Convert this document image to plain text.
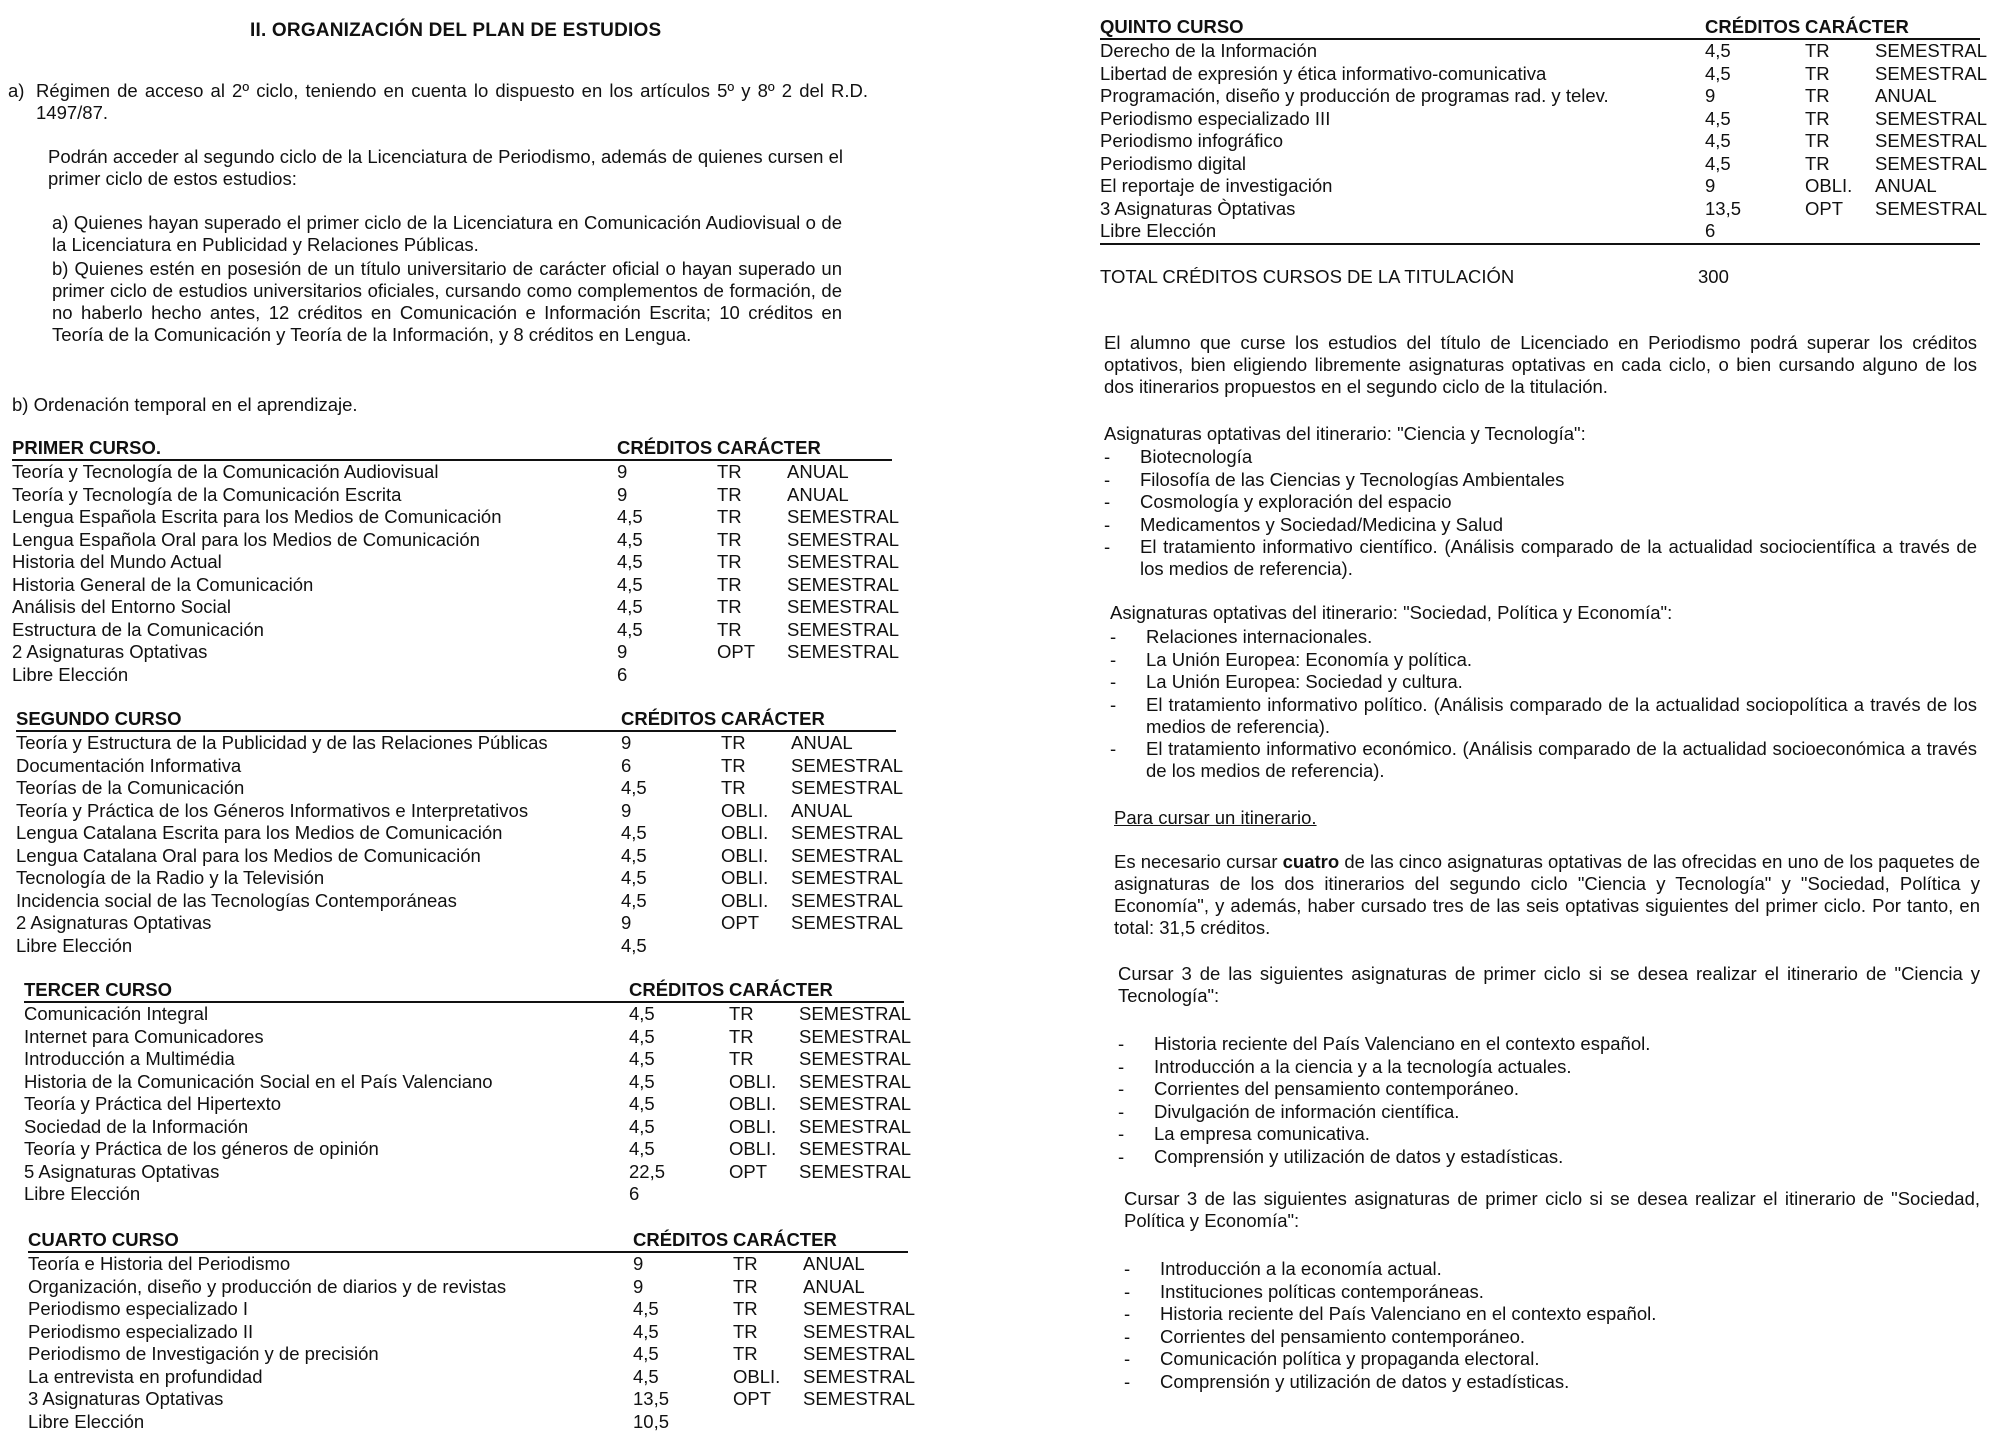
II. ORGANIZACIÓN DEL PLAN DE ESTUDIOS
a) Régimen de acceso al 2º ciclo, teniendo en cuenta lo dispuesto en los artículos 5º y 8º 2 del R.D. 1497/87.

Podrán acceder al segundo ciclo de la Licenciatura de Periodismo, además de quienes cursen el primer ciclo de estos estudios:

a) Quienes hayan superado el primer ciclo de la Licenciatura en Comunicación Audiovisual o de la Licenciatura en Publicidad y Relaciones Públicas.

b) Quienes estén en posesión de un título universitario de carácter oficial o hayan superado un primer ciclo de estudios universitarios oficiales, cursando como complementos de formación, de no haberlo hecho antes, 12 créditos en Comunicación e Información Escrita; 10 créditos en Teoría de la Comunicación y Teoría de la Información, y 8 créditos en Lengua.

b) Ordenación temporal en el aprendizaje.
PRIMER CURSO.	CRÉDITOS CARÁCTER
Teoría y Tecnología de la Comunicación Audiovisual	9	TR ANUAL
Teoría y Tecnología de la Comunicación Escrita	9	TR ANUAL
Lengua Española Escrita para los Medios de Comunicación	4,5	TR SEMESTRAL
Lengua Española Oral para los Medios de Comunicación	4,5	TR SEMESTRAL
Historia del Mundo Actual	4,5	TR SEMESTRAL
Historia General de la Comunicación	4,5	TR SEMESTRAL
Análisis del Entorno Social	4,5	TR SEMESTRAL
Estructura de la Comunicación	4,5	TR SEMESTRAL
2 Asignaturas Optativas	9	OPT SEMESTRAL
Libre Elección	6
SEGUNDO CURSO	CRÉDITOS CARÁCTER
Teoría y Estructura de la Publicidad y de las Relaciones Públicas	9	TR ANUAL
Documentación Informativa	6	TR SEMESTRAL
Teorías de la Comunicación	4,5	TR SEMESTRAL
Teoría y Práctica de los Géneros Informativos e Interpretativos	9	OBLI. ANUAL
Lengua Catalana Escrita para los Medios de Comunicación	4,5	OBLI. SEMESTRAL
Lengua Catalana Oral para los Medios de Comunicación	4,5	OBLI. SEMESTRAL
Tecnología de la Radio y la Televisión	4,5	OBLI. SEMESTRAL
Incidencia social de las Tecnologías Contemporáneas	4,5	OBLI. SEMESTRAL
2 Asignaturas Optativas	9	OPT SEMESTRAL
Libre Elección	4,5
TERCER CURSO	CRÉDITOS CARÁCTER
Comunicación Integral	4,5	TR SEMESTRAL
Internet para Comunicadores	4,5	TR SEMESTRAL
Introducción a Multimédia	4,5	TR SEMESTRAL
Historia de la Comunicación Social en el País Valenciano	4,5	OBLI. SEMESTRAL
Teoría y Práctica del Hipertexto	4,5	OBLI. SEMESTRAL
Sociedad de la Información	4,5	OBLI. SEMESTRAL
Teoría y Práctica de los géneros de opinión	4,5	OBLI. SEMESTRAL
5 Asignaturas Optativas	22,5	OPT SEMESTRAL
Libre Elección	6
CUARTO CURSO	CRÉDITOS CARÁCTER
Teoría e Historia del Periodismo	9	TR ANUAL
Organización, diseño y producción de diarios y de revistas	9	TR ANUAL
Periodismo especializado I	4,5	TR SEMESTRAL
Periodismo especializado II	4,5	TR SEMESTRAL
Periodismo de Investigación y de precisión	4,5	TR SEMESTRAL
La entrevista en profundidad	4,5	OBLI. SEMESTRAL
3 Asignaturas Optativas	13,5	OPT SEMESTRAL
Libre Elección	10,5
QUINTO CURSO	CRÉDITOS CARÁCTER
Derecho de la Información	4,5	TR SEMESTRAL
Libertad de expresión y ética informativo-comunicativa	4,5	TR SEMESTRAL
Programación, diseño y producción de programas rad. y telev.	9	TR ANUAL
Periodismo especializado III	4,5	TR SEMESTRAL
Periodismo infográfico	4,5	TR SEMESTRAL
Periodismo digital	4,5	TR SEMESTRAL
El reportaje de investigación	9	OBLI. ANUAL
3 Asignaturas Òptativas	13,5	OPT SEMESTRAL
Libre Elección	6
TOTAL CRÉDITOS CURSOS DE LA TITULACIÓN	300

El alumno que curse los estudios del título de Licenciado en Periodismo podrá superar los créditos optativos, bien eligiendo libremente asignaturas optativas en cada ciclo, o bien cursando alguno de los dos itinerarios propuestos en el segundo ciclo de la titulación.

Asignaturas optativas del itinerario: "Ciencia y Tecnología":
- Biotecnología
- Filosofía de las Ciencias y Tecnologías Ambientales
- Cosmología y exploración del espacio
- Medicamentos y Sociedad/Medicina y Salud
- El tratamiento informativo científico. (Análisis comparado de la actualidad sociocientífica a través de los medios de referencia).
Asignaturas optativas del itinerario: "Sociedad, Política y Economía":
- Relaciones internacionales.
- La Unión Europea: Economía y política.
- La Unión Europea: Sociedad y cultura.
- El tratamiento informativo político. (Análisis comparado de la actualidad sociopolítica a través de los medios de referencia).
- El tratamiento informativo económico. (Análisis comparado de la actualidad socioeconómica a través de los medios de referencia).
Para cursar un itinerario.

Es necesario cursar cuatro de las cinco asignaturas optativas de las ofrecidas en uno de los paquetes de asignaturas de los dos itinerarios del segundo ciclo "Ciencia y Tecnología" y "Sociedad, Política y Economía", y además, haber cursado tres de las seis optativas siguientes del primer ciclo. Por tanto, en total: 31,5 créditos.

Cursar 3 de las siguientes asignaturas de primer ciclo si se desea realizar el itinerario de "Ciencia y Tecnología":

- Historia reciente del País Valenciano en el contexto español.
- Introducción a la ciencia y a la tecnología actuales.
- Corrientes del pensamiento contemporáneo.
- Divulgación de información científica.
- La empresa comunicativa.
- Comprensión y utilización de datos y estadísticas.

Cursar 3 de las siguientes asignaturas de primer ciclo si se desea realizar el itinerario de "Sociedad, Política y Economía":

- Introducción a la economía actual.
- Instituciones políticas contemporáneas.
- Historia reciente del País Valenciano en el contexto español.
- Corrientes del pensamiento contemporáneo.
- Comunicación política y propaganda electoral.
- Comprensión y utilización de datos y estadísticas.
